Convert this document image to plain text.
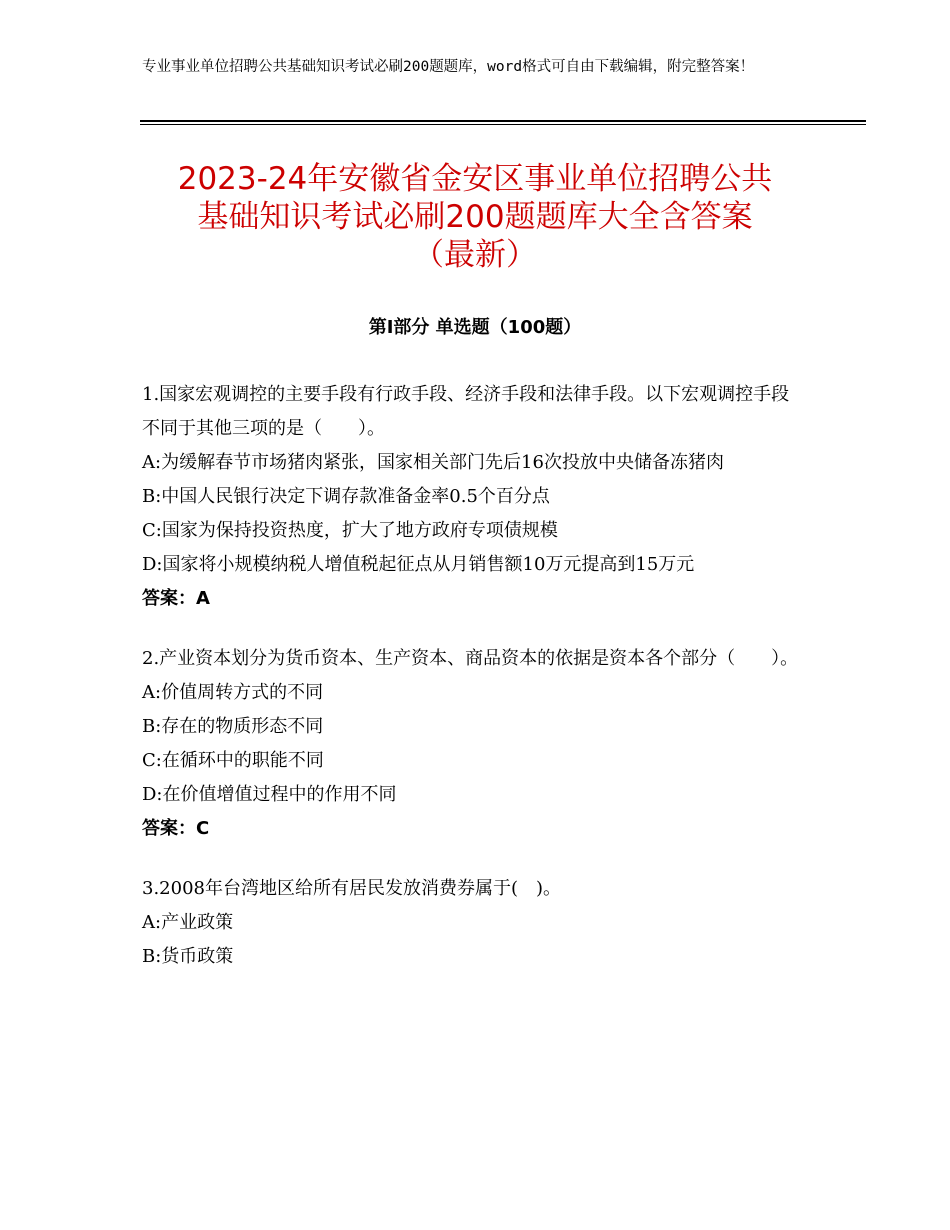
专业事业单位招聘公共基础知识考试必刷200题题库，word格式可自由下载编辑，附完整答案！
2023-24年安徽省金安区事业单位招聘公共
基础知识考试必刷200题题库大全含答案
（最新）
第Ⅰ部分 单选题（100题）

1.国家宏观调控的主要手段有行政手段、经济手段和法律手段。以下宏观调控手段不同于其他三项的是（　　）。

A:为缓解春节市场猪肉紧张，国家相关部门先后16次投放中央储备冻猪肉

B:中国人民银行决定下调存款准备金率0.5个百分点

C:国家为保持投资热度，扩大了地方政府专项债规模

D:国家将小规模纳税人增值税起征点从月销售额10万元提高到15万元

答案：A

2.产业资本划分为货币资本、生产资本、商品资本的依据是资本各个部分（　　）。

A:价值周转方式的不同

B:存在的物质形态不同

C:在循环中的职能不同

D:在价值增值过程中的作用不同

答案：C

3.2008年台湾地区给所有居民发放消费券属于(　)。

A:产业政策

B:货币政策
